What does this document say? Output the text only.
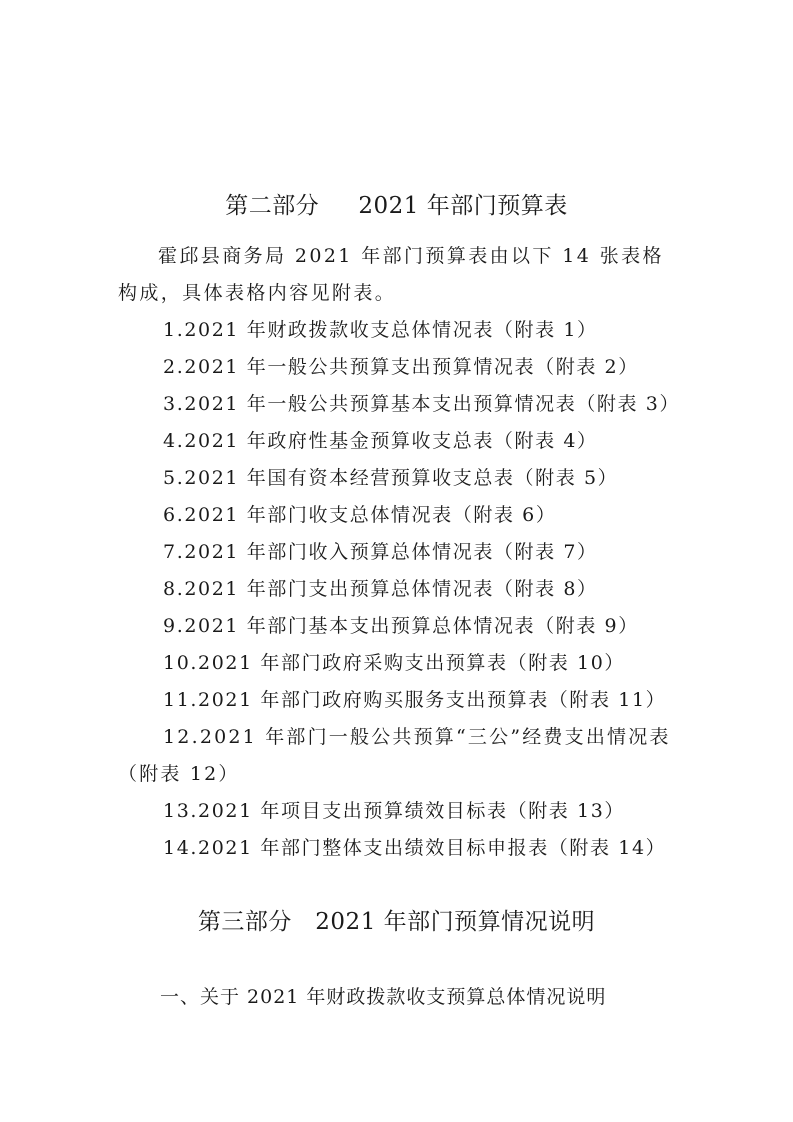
第二部分     2021 年部门预算表

霍邱县商务局 2021 年部门预算表由以下 14 张表格构成，具体表格内容见附表。

1.2021 年财政拨款收支总体情况表（附表 1）
2.2021 年一般公共预算支出预算情况表（附表 2）
3.2021 年一般公共预算基本支出预算情况表（附表 3）
4.2021 年政府性基金预算收支总表（附表 4）
5.2021 年国有资本经营预算收支总表（附表 5）
6.2021 年部门收支总体情况表（附表 6）
7.2021 年部门收入预算总体情况表（附表 7）
8.2021 年部门支出预算总体情况表（附表 8）
9.2021 年部门基本支出预算总体情况表（附表 9）
10.2021 年部门政府采购支出预算表（附表 10）
11.2021 年部门政府购买服务支出预算表（附表 11）
12.2021 年部门一般公共预算“三公”经费支出情况表（附表 12）
13.2021 年项目支出预算绩效目标表（附表 13）
14.2021 年部门整体支出绩效目标申报表（附表 14）
第三部分   2021 年部门预算情况说明
一、关于 2021 年财政拨款收支预算总体情况说明
